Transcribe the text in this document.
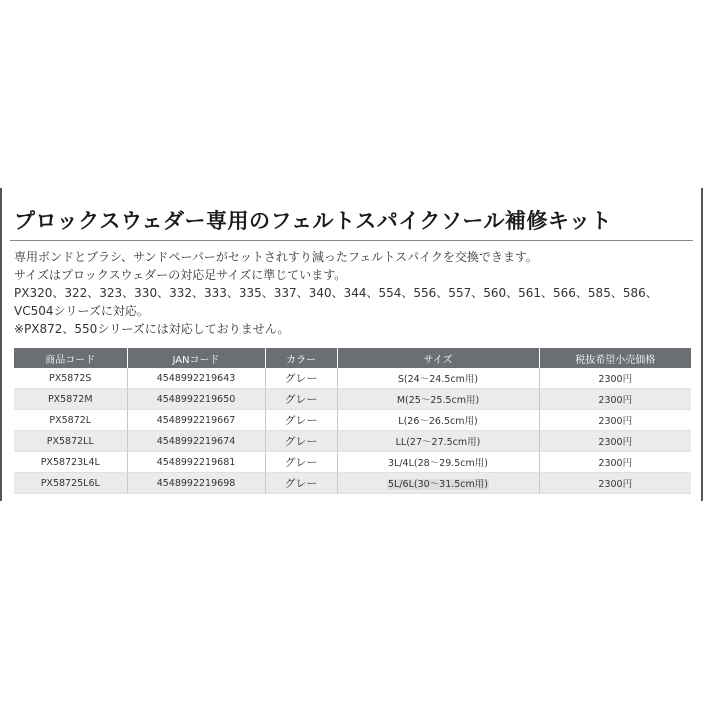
プロックスウェダー専用のフェルトスパイクソール補修キット
専用ボンドとブラシ、サンドペーパーがセットされすり減ったフェルトスパイクを交換できます。
サイズはプロックスウェダーの対応足サイズに準じています。
PX320、322、323、330、332、333、335、337、340、344、554、556、557、560、561、566、585、586、VC504シリーズに対応。
※PX872、550シリーズには対応しておりません。
商品コード	JANコード	カラー	サイズ	税抜希望小売価格
PX5872S	4548992219643	グレー	S(24〜24.5cm用)	2300円
PX5872M	4548992219650	グレー	M(25〜25.5cm用)	2300円
PX5872L	4548992219667	グレー	L(26〜26.5cm用)	2300円
PX5872LL	4548992219674	グレー	LL(27〜27.5cm用)	2300円
PX58723L4L	4548992219681	グレー	3L/4L(28〜29.5cm用)	2300円
PX58725L6L	4548992219698	グレー	5L/6L(30〜31.5cm用)	2300円
